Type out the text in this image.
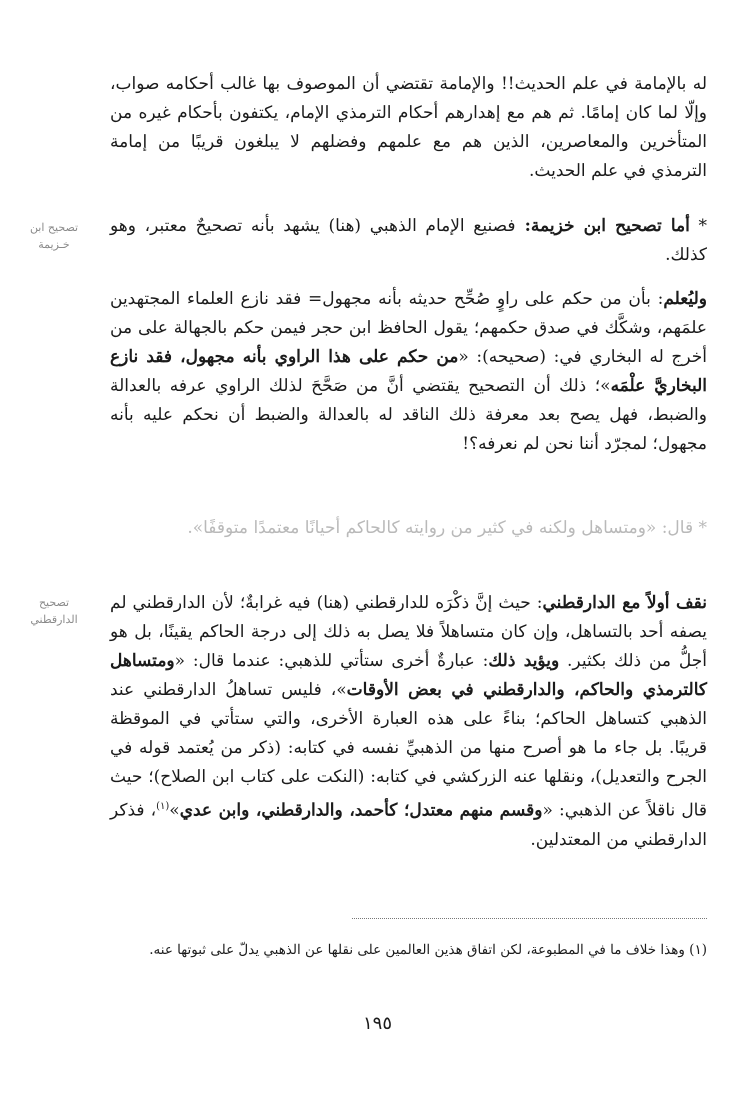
له بالإمامة في علم الحديث!! والإمامة تقتضي أن الموصوف بها غالب أحكامه صواب، وإلّا لما كان إمامًا. ثم هم مع إهدارهم أحكام الترمذي الإمام، يكتفون بأحكام غيره من المتأخرين والمعاصرين، الذين هم مع علمهم وفضلهم لا يبلغون قريبًا من إمامة الترمذي في علم الحديث.

تصحيح ابن خـزيمة

* أما تصحيح ابن خزيمة: فصنيع الإمام الذهبي (هنا) يشهد بأنه تصحيحٌ معتبر، وهو كذلك.

وليُعلم: بأن من حكم على راوٍ صُحِّح حديثه بأنه مجهول= فقد نازع العلماء المجتهدين علمَهم، وشكَّك في صدق حكمهم؛ يقول الحافظ ابن حجر فيمن حكم بالجهالة على من أخرج له البخاري في: (صحيحه): «من حكم على هذا الراوي بأنه مجهول، فقد نازع البخاريَّ علْمَه»؛ ذلك أن التصحيح يقتضي أنَّ من صَحَّحَ لذلك الراوي عرفه بالعدالة والضبط، فهل يصح بعد معرفة ذلك الناقد له بالعدالة والضبط أن نحكم عليه بأنه مجهول؛ لمجرّد أننا نحن لم نعرفه؟!

* قال: «ومتساهل ولكنه في كثير من روايته كالحاكم أحيانًا معتمدًا متوقفًا».

تصحيح الدارقطني

نقف أولاً مع الدارقطني: حيث إنَّ ذكْرَه للدارقطني (هنا) فيه غرابةٌ؛ لأن الدارقطني لم يصفه أحد بالتساهل، وإن كان متساهلاً فلا يصل به ذلك إلى درجة الحاكم يقينًا، بل هو أجلُّ من ذلك بكثير. ويؤيد ذلك: عبارةٌ أخرى ستأتي للذهبي: عندما قال: «ومتساهل كالترمذي والحاكم، والدارقطني في بعض الأوقات»، فليس تساهلُ الدارقطني عند الذهبي كتساهل الحاكم؛ بناءً على هذه العبارة الأخرى، والتي ستأتي في الموقظة قريبًا. بل جاء ما هو أصرح منها من الذهبيِّ نفسه في كتابه: (ذكر من يُعتمد قوله في الجرح والتعديل)، ونقلها عنه الزركشي في كتابه: (النكت على كتاب ابن الصلاح)؛ حيث قال ناقلاً عن الذهبي: «وقسم منهم معتدل؛ كأحمد، والدارقطني، وابن عدي»$^{(١)}$، فذكر الدارقطني من المعتدلين.

(١) وهذا خلاف ما في المطبوعة، لكن اتفاق هذين العالمين على نقلها عن الذهبي يدلّ على ثبوتها عنه.

١٩٥
